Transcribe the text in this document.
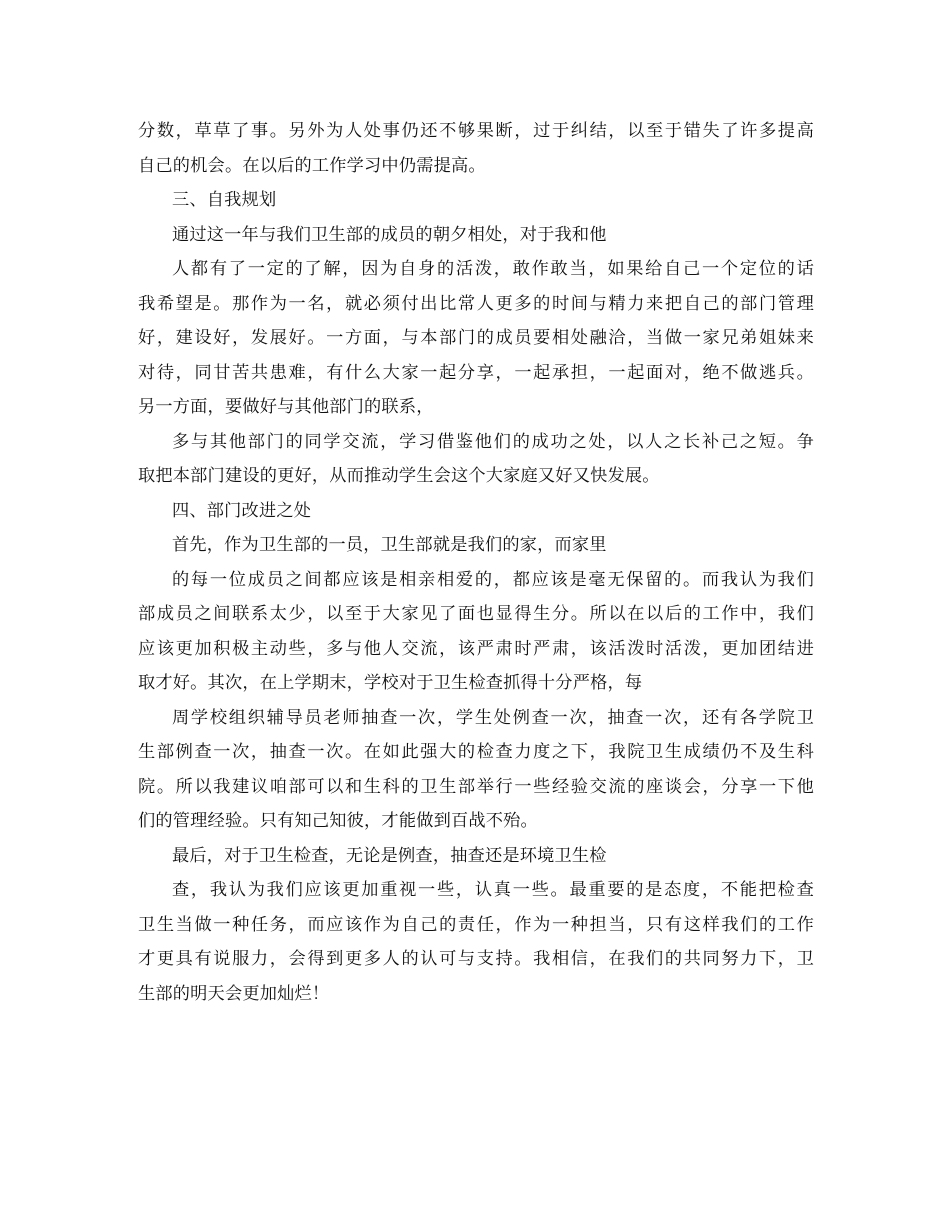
分数，草草了事。另外为人处事仍还不够果断，过于纠结，以至于错失了许多提高
自己的机会。在以后的工作学习中仍需提高。
三、自我规划
通过这一年与我们卫生部的成员的朝夕相处，对于我和他
人都有了一定的了解，因为自身的活泼，敢作敢当，如果给自己一个定位的话
我希望是。那作为一名，就必须付出比常人更多的时间与精力来把自己的部门管理
好，建设好，发展好。一方面，与本部门的成员要相处融洽，当做一家兄弟姐妹来
对待，同甘苦共患难，有什么大家一起分享，一起承担，一起面对，绝不做逃兵。
另一方面，要做好与其他部门的联系，
多与其他部门的同学交流，学习借鉴他们的成功之处，以人之长补己之短。争
取把本部门建设的更好，从而推动学生会这个大家庭又好又快发展。
四、部门改进之处
首先，作为卫生部的一员，卫生部就是我们的家，而家里
的每一位成员之间都应该是相亲相爱的，都应该是毫无保留的。而我认为我们
部成员之间联系太少，以至于大家见了面也显得生分。所以在以后的工作中，我们
应该更加积极主动些，多与他人交流，该严肃时严肃，该活泼时活泼，更加团结进
取才好。其次，在上学期末，学校对于卫生检查抓得十分严格，每
周学校组织辅导员老师抽查一次，学生处例查一次，抽查一次，还有各学院卫
生部例查一次，抽查一次。在如此强大的检查力度之下，我院卫生成绩仍不及生科
院。所以我建议咱部可以和生科的卫生部举行一些经验交流的座谈会，分享一下他
们的管理经验。只有知己知彼，才能做到百战不殆。
最后，对于卫生检查，无论是例查，抽查还是环境卫生检
查，我认为我们应该更加重视一些，认真一些。最重要的是态度，不能把检查
卫生当做一种任务，而应该作为自己的责任，作为一种担当，只有这样我们的工作
才更具有说服力，会得到更多人的认可与支持。我相信，在我们的共同努力下，卫
生部的明天会更加灿烂！
